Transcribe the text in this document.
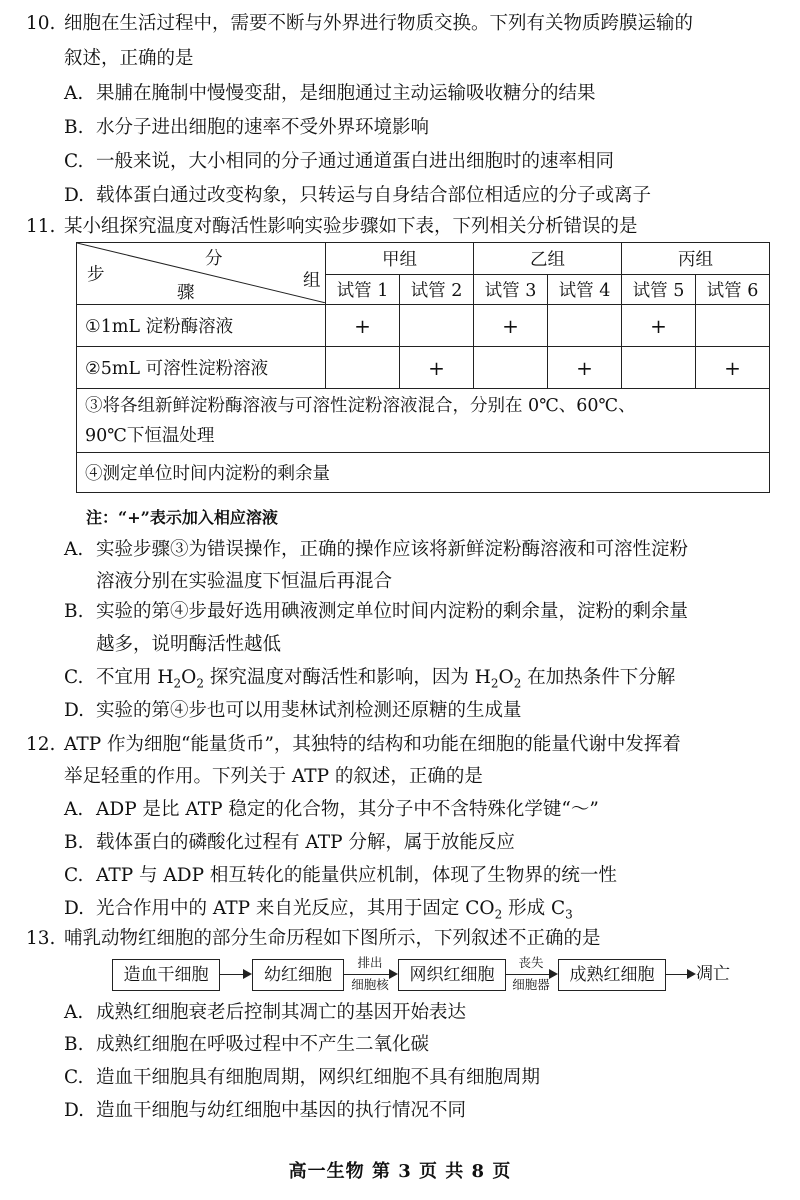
10. 细胞在生活过程中，需要不断与外界进行物质交换。下列有关物质跨膜运输的
叙述，正确的是
A. 果脯在腌制中慢慢变甜，是细胞通过主动运输吸收糖分的结果
B. 水分子进出细胞的速率不受外界环境影响
C. 一般来说，大小相同的分子通过通道蛋白进出细胞时的速率相同
D. 载体蛋白通过改变构象，只转运与自身结合部位相适应的分子或离子
11. 某小组探究温度对酶活性影响实验步骤如下表，下列相关分析错误的是
分
组
步
骤	甲组		乙组		丙组	
	试管 1	试管 2	试管 3	试管 4	试管 5	试管 6
①1mL 淀粉酶溶液	+		+		+	
②5mL 可溶性淀粉溶液		+		+		+

③将各组新鲜淀粉酶溶液与可溶性淀粉溶液混合，分别在 0℃、60℃、
90℃下恒温处理						

④测定单位时间内淀粉的剩余量						
注：“+”表示加入相应溶液
A. 实验步骤③为错误操作，正确的操作应该将新鲜淀粉酶溶液和可溶性淀粉
溶液分别在实验温度下恒温后再混合
B. 实验的第④步最好选用碘液测定单位时间内淀粉的剩余量，淀粉的剩余量
越多，说明酶活性越低
C. 不宜用 $H_2O_2$ 探究温度对酶活性和影响，因为 $H_2O_2$ 在加热条件下分解
D. 实验的第④步也可以用斐林试剂检测还原糖的生成量
12. ATP 作为细胞“能量货币”，其独特的结构和功能在细胞的能量代谢中发挥着
举足轻重的作用。下列关于 ATP 的叙述，正确的是
A. ADP 是比 ATP 稳定的化合物，其分子中不含特殊化学键“～”
B. 载体蛋白的磷酸化过程有 ATP 分解，属于放能反应
C. ATP 与 ADP 相互转化的能量供应机制，体现了生物界的统一性
D. 光合作用中的 ATP 来自光反应，其用于固定 $CO_2$ 形成 $C_3$
13. 哺乳动物红细胞的部分生命历程如下图所示，下列叙述不正确的是
造血干细胞	幼红细胞
排出
细胞核	网织红细胞
丧失
细胞器	成熟红细胞	凋亡
A. 成熟红细胞衰老后控制其凋亡的基因开始表达
B. 成熟红细胞在呼吸过程中不产生二氧化碳
C. 造血干细胞具有细胞周期，网织红细胞不具有细胞周期
D. 造血干细胞与幼红细胞中基因的执行情况不同
高一生物 第 3 页 共 8 页
